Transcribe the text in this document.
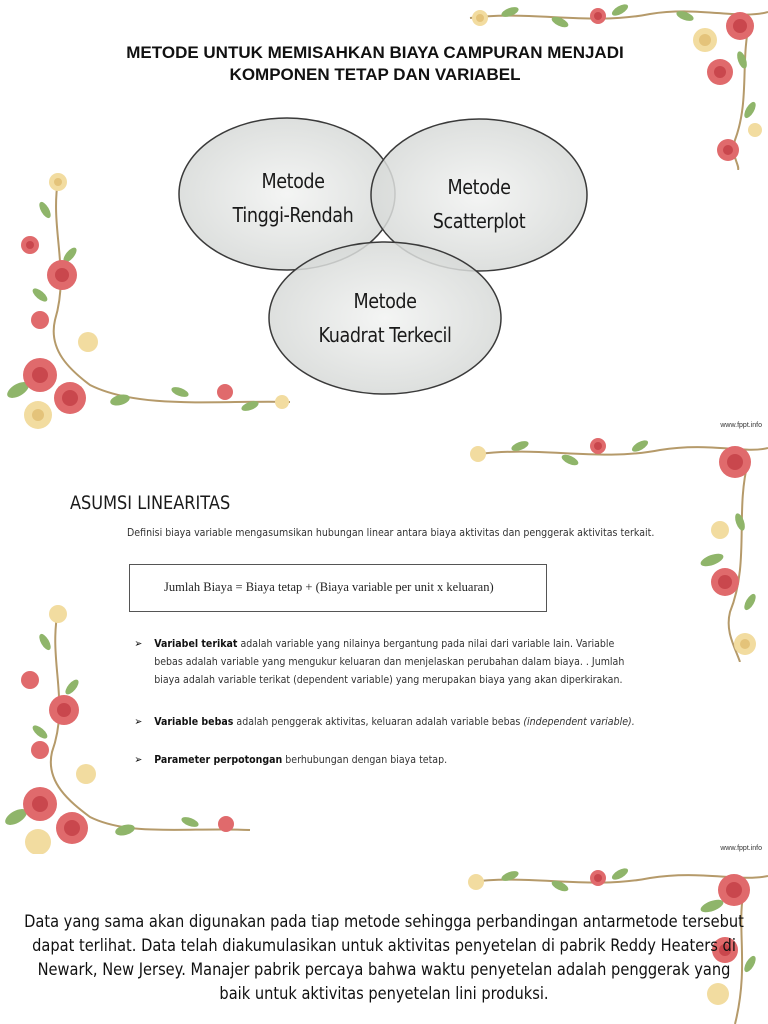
METODE UNTUK MEMISAHKAN BIAYA CAMPURAN MENJADI
KOMPONEN TETAP DAN VARIABEL
Metode
Tinggi-Rendah
Metode
Scatterplot
Metode
Kuadrat Terkecil
www.fppt.info
ASUMSI LINEARITAS
Definisi biaya variable mengasumsikan hubungan linear antara biaya aktivitas dan penggerak aktivitas terkait.
Jumlah Biaya = Biaya tetap + (Biaya variable per unit x keluaran)
➢ Variabel terikat adalah variable yang nilainya bergantung pada nilai dari variable lain. Variable
bebas adalah variable yang mengukur keluaran dan menjelaskan perubahan dalam biaya. . Jumlah
biaya adalah variable terikat (dependent variable) yang merupakan biaya yang akan diperkirakan.
➢ Variable bebas adalah penggerak aktivitas, keluaran adalah variable bebas (independent variable).
➢ Parameter perpotongan berhubungan dengan biaya tetap.
www.fppt.info
Data yang sama akan digunakan pada tiap metode sehingga perbandingan antarmetode tersebut
dapat terlihat. Data telah diakumulasikan untuk aktivitas penyetelan di pabrik Reddy Heaters di
Newark, New Jersey. Manajer pabrik percaya bahwa waktu penyetelan adalah penggerak yang
baik untuk aktivitas penyetelan lini produksi.
